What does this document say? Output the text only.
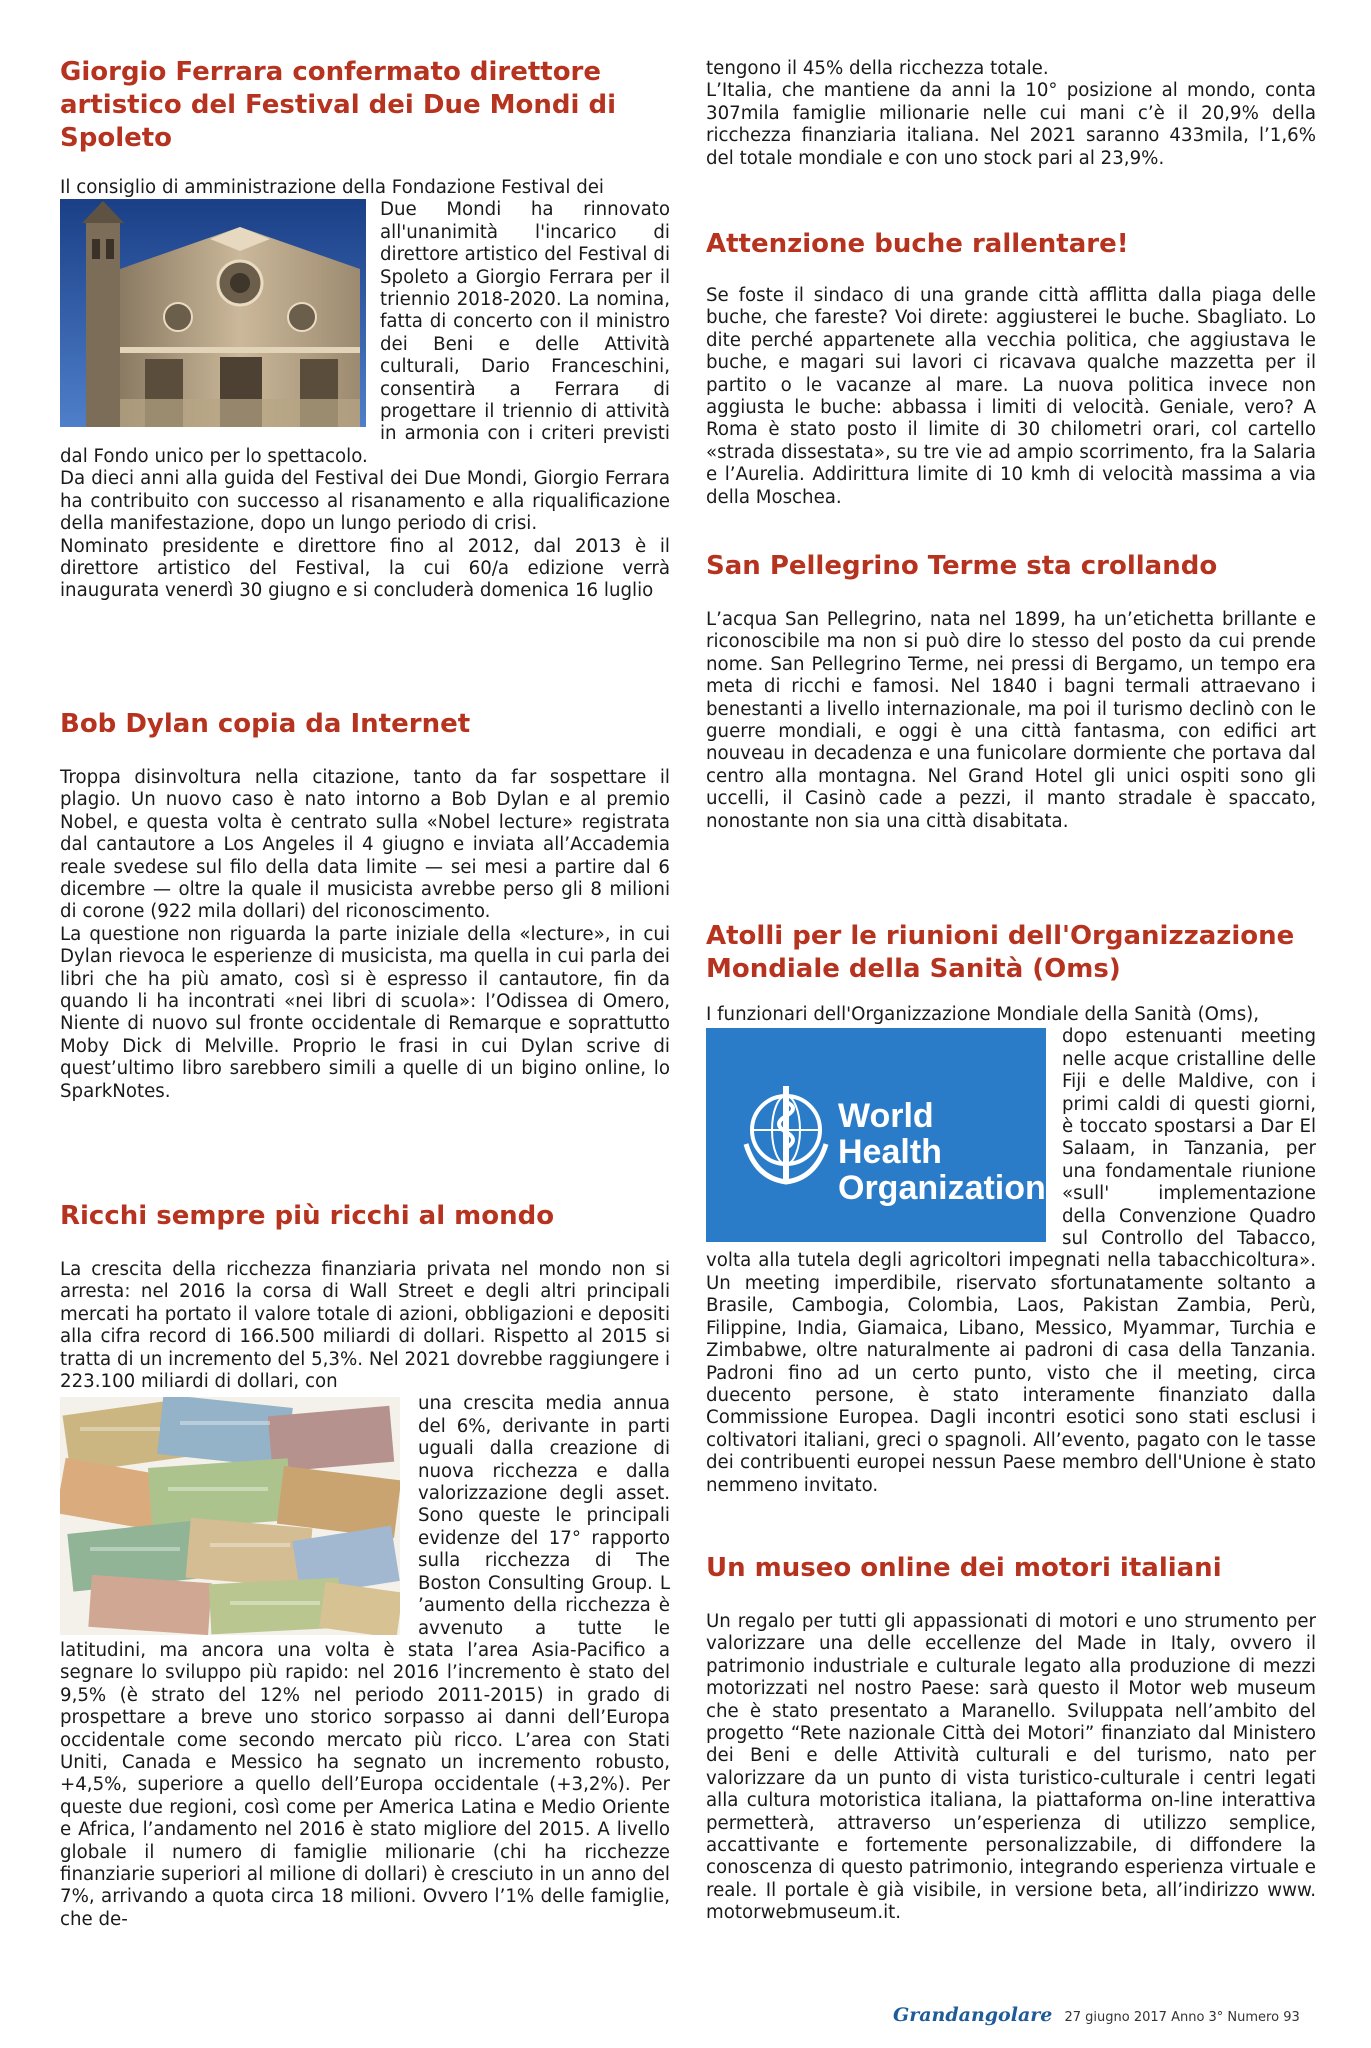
Giorgio Ferrara confermato direttore artistico del Festival dei Due Mondi di Spoleto

Il consiglio di amministrazione della Fondazione Festival dei

Due Mondi ha rinnovato all'unanimità l'incarico di direttore artistico del Festival di Spoleto a Giorgio Ferrara per il triennio 2018-2020. La nomina, fatta di concerto con il ministro dei Beni e delle Attività culturali, Dario Franceschini, consentirà a Ferrara di progettare il triennio di attività in armonia con i criteri previsti dal Fondo unico per lo spettacolo.

Da dieci anni alla guida del Festival dei Due Mondi, Giorgio Ferrara ha contribuito con successo al risanamento e alla riqualificazione della manifestazione, dopo un lungo periodo di crisi.

Nominato presidente e direttore fino al 2012, dal 2013 è il direttore artistico del Festival, la cui 60/a edizione verrà inaugurata venerdì 30 giugno e si concluderà domenica 16 luglio

Bob Dylan copia da Internet

Troppa disinvoltura nella citazione, tanto da far sospettare il plagio. Un nuovo caso è nato intorno a Bob Dylan e al premio Nobel, e questa volta è centrato sulla «Nobel lecture» registrata dal cantautore a Los Angeles il 4 giugno e inviata all’Accademia reale svedese sul filo della data limite — sei mesi a partire dal 6 dicembre — oltre la quale il musicista avrebbe perso gli 8 milioni di corone (922 mila dollari) del riconoscimento.

La questione non riguarda la parte iniziale della «lecture», in cui Dylan rievoca le esperienze di musicista, ma quella in cui parla dei libri che ha più amato, così si è espresso il cantautore, fin da quando li ha incontrati «nei libri di scuola»: l’Odissea di Omero, Niente di nuovo sul fronte occidentale di Remarque e soprattutto Moby Dick di Melville. Proprio le frasi in cui Dylan scrive di quest’ultimo libro sarebbero simili a quelle di un bigino online, lo SparkNotes.

Ricchi sempre più ricchi al mondo

La crescita della ricchezza finanziaria privata nel mondo non si arresta: nel 2016 la corsa di Wall Street e degli altri principali mercati ha portato il valore totale di azioni, obbligazioni e depositi alla cifra record di 166.500 miliardi di dollari. Rispetto al 2015 si tratta di un incremento del 5,3%. Nel 2021 dovrebbe raggiungere i 223.100 miliardi di dollari, con

una crescita media annua del 6%, derivante in parti uguali dalla creazione di nuova ricchezza e dalla valorizzazione degli asset. Sono queste le principali evidenze del 17° rapporto sulla ricchezza di The Boston Consulting Group. L ’aumento della ricchezza è avvenuto a tutte le latitudini, ma ancora una volta è stata l’area Asia-Pacifico a segnare lo sviluppo più rapido: nel 2016 l’incremento è stato del 9,5% (è strato del 12% nel periodo 2011-2015) in grado di prospettare a breve uno storico sorpasso ai danni dell’Europa occidentale come secondo mercato più ricco. L’area con Stati Uniti, Canada e Messico ha segnato un incremento robusto, +4,5%, superiore a quello dell’Europa occidentale (+3,2%). Per queste due regioni, così come per America Latina e Medio Oriente e Africa, l’andamento nel 2016 è stato migliore del 2015. A livello globale il numero di famiglie milionarie (chi ha ricchezze finanziarie superiori al milione di dollari) è cresciuto in un anno del 7%, arrivando a quota circa 18 milioni. Ovvero l’1% delle famiglie, che de-

tengono il 45% della ricchezza totale.

L’Italia, che mantiene da anni la 10° posizione al mondo, conta 307mila famiglie milionarie nelle cui mani c’è il 20,9% della ricchezza finanziaria italiana. Nel 2021 saranno 433mila, l’1,6% del totale mondiale e con uno stock pari al 23,9%.

Attenzione buche rallentare!

Se foste il sindaco di una grande città afflitta dalla piaga delle buche, che fareste? Voi direte: aggiusterei le buche. Sbagliato. Lo dite perché appartenete alla vecchia politica, che aggiustava le buche, e magari sui lavori ci ricavava qualche mazzetta per il partito o le vacanze al mare. La nuova politica invece non aggiusta le buche: abbassa i limiti di velocità. Geniale, vero? A Roma è stato posto il limite di 30 chilometri orari, col cartello «strada dissestata», su tre vie ad ampio scorrimento, fra la Salaria e l’Aurelia. Addirittura limite di 10 kmh di velocità massima a via della Moschea.

San Pellegrino Terme sta crollando

L’acqua San Pellegrino, nata nel 1899, ha un’etichetta brillante e riconoscibile ma non si può dire lo stesso del posto da cui prende nome. San Pellegrino Terme, nei pressi di Bergamo, un tempo era meta di ricchi e famosi. Nel 1840 i bagni termali attraevano i benestanti a livello internazionale, ma poi il turismo declinò con le guerre mondiali, e oggi è una città fantasma, con edifici art nouveau in decadenza e una funicolare dormiente che portava dal centro alla montagna. Nel Grand Hotel gli unici ospiti sono gli uccelli, il Casinò cade a pezzi, il manto stradale è spaccato, nonostante non sia una città disabitata.

Atolli per le riunioni dell'Organizzazione Mondiale della Sanità (Oms)

I funzionari dell'Organizzazione Mondiale della Sanità (Oms),

World Health
Organization

dopo estenuanti meeting nelle acque cristalline delle Fiji e delle Maldive, con i primi caldi di questi giorni, è toccato spostarsi a Dar El Salaam, in Tanzania, per una fondamentale riunione «sull' implementazione della Convenzione Quadro sul Controllo del Tabacco, volta alla tutela degli agricoltori impegnati nella tabacchicoltura». Un meeting imperdibile, riservato sfortunatamente soltanto a Brasile, Cambogia, Colombia, Laos, Pakistan Zambia, Perù, Filippine, India, Giamaica, Libano, Messico, Myammar, Turchia e Zimbabwe, oltre naturalmente ai padroni di casa della Tanzania. Padroni fino ad un certo punto, visto che il meeting, circa duecento persone, è stato interamente finanziato dalla Commissione Europea. Dagli incontri esotici sono stati esclusi i coltivatori italiani, greci o spagnoli. All’evento, pagato con le tasse dei contribuenti europei nessun Paese membro dell'Unione è stato nemmeno invitato.

Un museo online dei motori italiani

Un regalo per tutti gli appassionati di motori e uno strumento per valorizzare una delle eccellenze del Made in Italy, ovvero il patrimonio industriale e culturale legato alla produzione di mezzi motorizzati nel nostro Paese: sarà questo il Motor web museum che è stato presentato a Maranello. Sviluppata nell’ambito del progetto “Rete nazionale Città dei Motori” finanziato dal Ministero dei Beni e delle Attività culturali e del turismo, nato per valorizzare da un punto di vista turistico-culturale i centri legati alla cultura motoristica italiana, la piattaforma on-line interattiva permetterà, attraverso un’esperienza di utilizzo semplice, accattivante e fortemente personalizzabile, di diffondere la conoscenza di questo patrimonio, integrando esperienza virtuale e reale. Il portale è già visibile, in versione beta, all’indirizzo www. motorwebmuseum.it.

Grandangolare 27 giugno 2017 Anno 3° Numero 93
